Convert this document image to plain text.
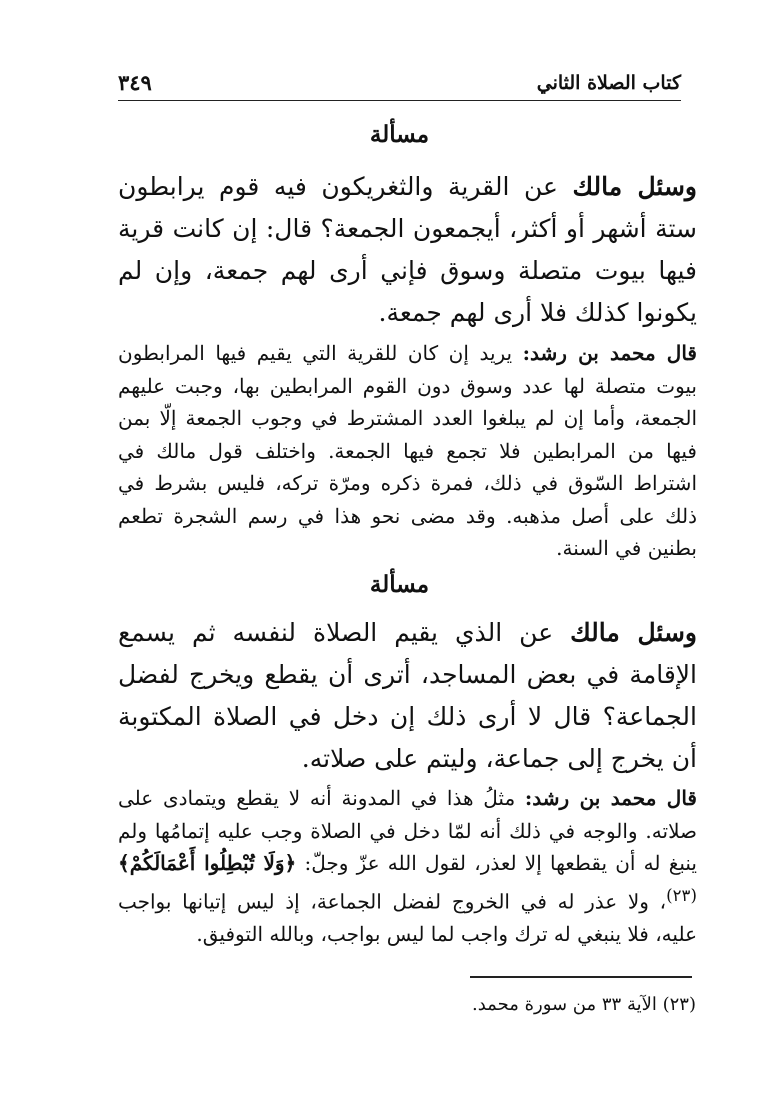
كتاب الصلاة الثاني
٣٤٩
مسألة
وسئل مالك عن القرية والثغريكون فيه قوم يرابطون ستة أشهر أو أكثر، أيجمعون الجمعة؟ قال: إن كانت قرية فيها بيوت متصلة وسوق فإني أرى لهم جمعة، وإن لم يكونوا كذلك فلا أرى لهم جمعة.
قال محمد بن رشد: يريد إن كان للقرية التي يقيم فيها المرابطون بيوت متصلة لها عدد وسوق دون القوم المرابطين بها، وجبت عليهم الجمعة، وأما إن لم يبلغوا العدد المشترط في وجوب الجمعة إلّا بمن فيها من المرابطين فلا تجمع فيها الجمعة. واختلف قول مالك في اشتراط السّوق في ذلك، فمرة ذكره ومرّة تركه، فليس بشرط في ذلك على أصل مذهبه. وقد مضى نحو هذا في رسم الشجرة تطعم بطنين في السنة.
مسألة
وسئل مالك عن الذي يقيم الصلاة لنفسه ثم يسمع الإقامة في بعض المساجد، أترى أن يقطع ويخرج لفضل الجماعة؟ قال لا أرى ذلك إن دخل في الصلاة المكتوبة أن يخرج إلى جماعة، وليتم على صلاته.
قال محمد بن رشد: مثلُ هذا في المدونة أنه لا يقطع ويتمادى على صلاته. والوجه في ذلك أنه لمّا دخل في الصلاة وجب عليه إتمامُها ولم ينبغ له أن يقطعها إلا لعذر، لقول الله عزّ وجلّ: ﴿وَلَا تُبْطِلُوا أَعْمَالَكُمْ﴾$^{(٢٣)}$، ولا عذر له في الخروج لفضل الجماعة، إذ ليس إتيانها بواجب عليه، فلا ينبغي له ترك واجب لما ليس بواجب، وبالله التوفيق.
(٢٣) الآية ٣٣ من سورة محمد.
